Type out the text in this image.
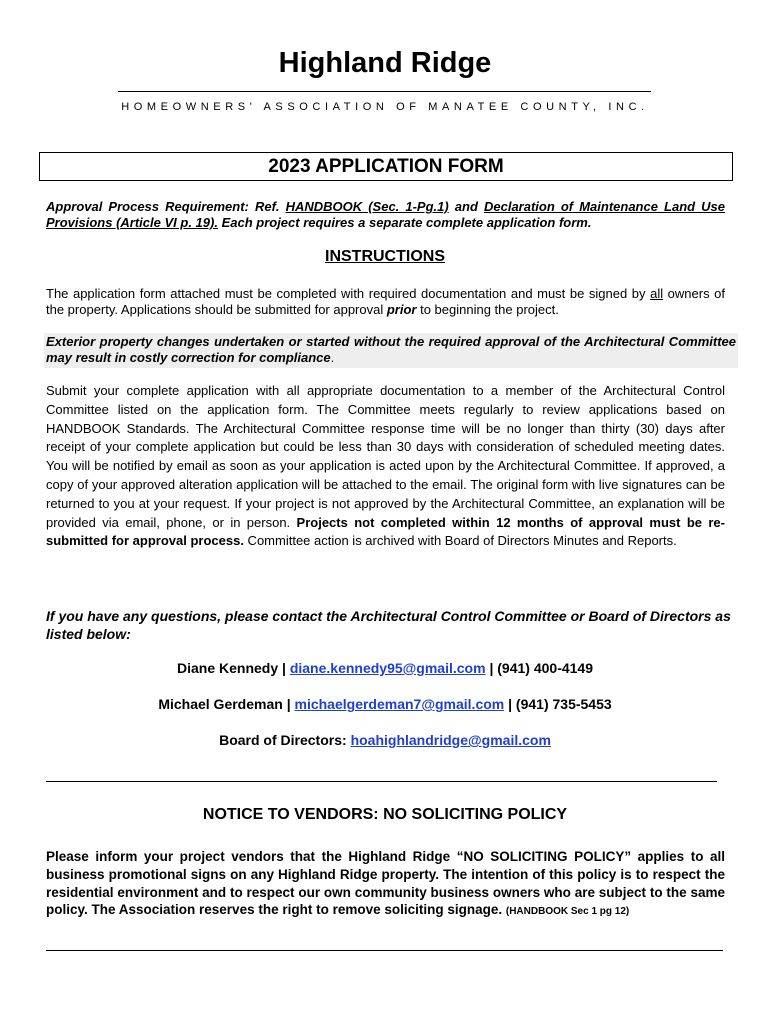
Highland Ridge
HOMEOWNERS' ASSOCIATION OF MANATEE COUNTY, INC.
2023 APPLICATION FORM
Approval Process Requirement: Ref. HANDBOOK (Sec. 1-Pg.1) and Declaration of Maintenance Land Use Provisions (Article VI p. 19). Each project requires a separate complete application form.
INSTRUCTIONS
The application form attached must be completed with required documentation and must be signed by all owners of the property. Applications should be submitted for approval prior to beginning the project.
Exterior property changes undertaken or started without the required approval of the Architectural Committee may result in costly correction for compliance.
Submit your complete application with all appropriate documentation to a member of the Architectural Control Committee listed on the application form. The Committee meets regularly to review applications based on HANDBOOK Standards. The Architectural Committee response time will be no longer than thirty (30) days after receipt of your complete application but could be less than 30 days with consideration of scheduled meeting dates. You will be notified by email as soon as your application is acted upon by the Architectural Committee. If approved, a copy of your approved alteration application will be attached to the email. The original form with live signatures can be returned to you at your request. If your project is not approved by the Architectural Committee, an explanation will be provided via email, phone, or in person. Projects not completed within 12 months of approval must be re-submitted for approval process. Committee action is archived with Board of Directors Minutes and Reports.
If you have any questions, please contact the Architectural Control Committee or Board of Directors as listed below:
Diane Kennedy | diane.kennedy95@gmail.com | (941) 400-4149
Michael Gerdeman | michaelgerdeman7@gmail.com | (941) 735-5453
Board of Directors: hoahighlandridge@gmail.com
NOTICE TO VENDORS: NO SOLICITING POLICY
Please inform your project vendors that the Highland Ridge “NO SOLICITING POLICY” applies to all business promotional signs on any Highland Ridge property. The intention of this policy is to respect the residential environment and to respect our own community business owners who are subject to the same policy. The Association reserves the right to remove soliciting signage. (HANDBOOK Sec 1 pg 12)
